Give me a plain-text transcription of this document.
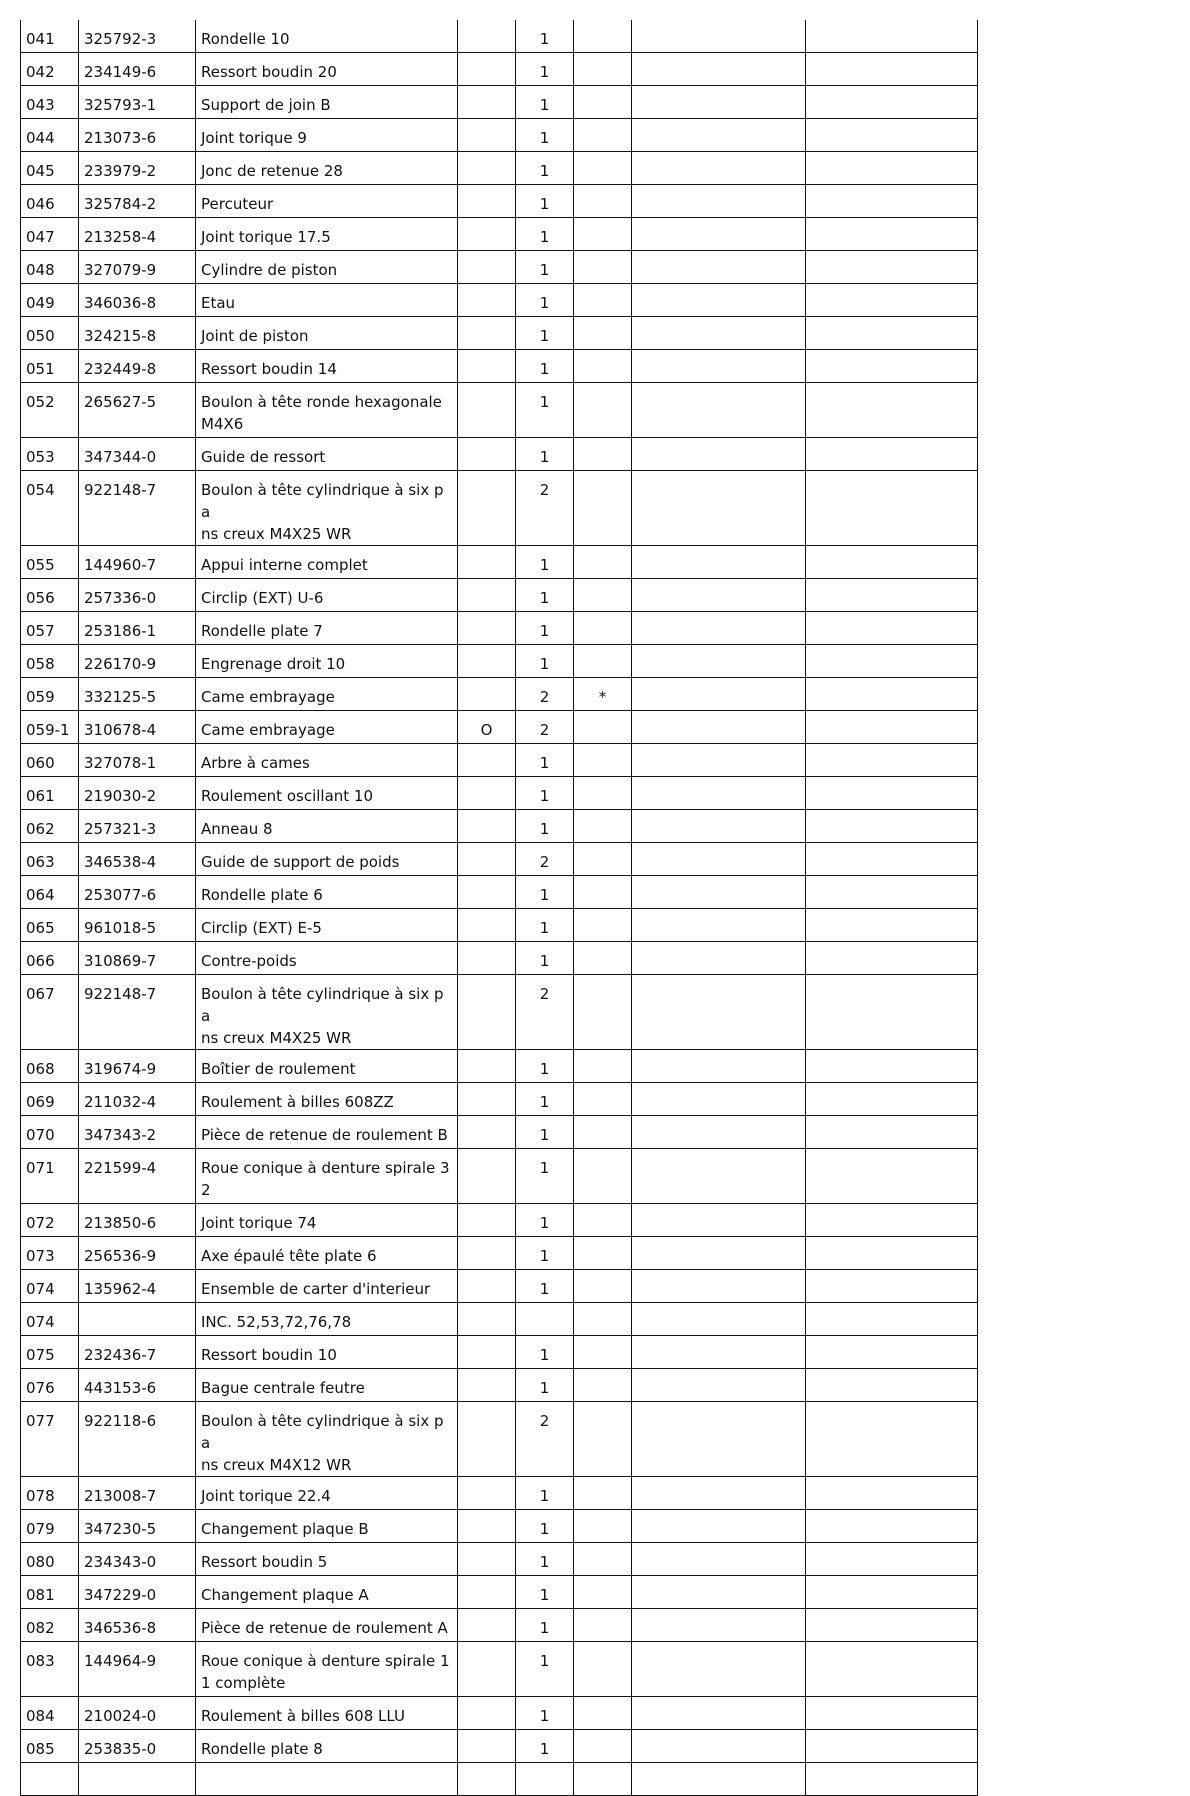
041	325792-3	Rondelle 10		1			
042	234149-6	Ressort boudin 20		1			
043	325793-1	Support de join B		1			
044	213073-6	Joint torique 9		1			
045	233979-2	Jonc de retenue 28		1			
046	325784-2	Percuteur		1			
047	213258-4	Joint torique 17.5		1			
048	327079-9	Cylindre de piston		1			
049	346036-8	Etau		1			
050	324215-8	Joint de piston		1			
051	232449-8	Ressort boudin 14		1			
052	265627-5	Boulon à tête ronde hexagonale
M4X6		1			
053	347344-0	Guide de ressort		1			
054	922148-7	Boulon à tête cylindrique à six pa
ns creux M4X25 WR		2			
055	144960-7	Appui interne complet		1			
056	257336-0	Circlip (EXT) U-6		1			
057	253186-1	Rondelle plate 7		1			
058	226170-9	Engrenage droit 10		1			
059	332125-5	Came embrayage		2	*		
059-1	310678-4	Came embrayage	O	2			
060	327078-1	Arbre à cames		1			
061	219030-2	Roulement oscillant 10		1			
062	257321-3	Anneau 8		1			
063	346538-4	Guide de support de poids		2			
064	253077-6	Rondelle plate 6		1			
065	961018-5	Circlip (EXT) E-5		1			
066	310869-7	Contre-poids		1			
067	922148-7	Boulon à tête cylindrique à six pa
ns creux M4X25 WR		2			
068	319674-9	Boîtier de roulement		1			
069	211032-4	Roulement à billes 608ZZ		1			
070	347343-2	Pièce de retenue de roulement B		1			
071	221599-4	Roue conique à denture spirale 3
2		1			
072	213850-6	Joint torique 74		1			
073	256536-9	Axe épaulé tête plate 6		1			
074	135962-4	Ensemble de carter d'interieur		1			
074		INC. 52,53,72,76,78					
075	232436-7	Ressort boudin 10		1			
076	443153-6	Bague centrale feutre		1			
077	922118-6	Boulon à tête cylindrique à six pa
ns creux M4X12 WR		2			
078	213008-7	Joint torique 22.4		1			
079	347230-5	Changement plaque B		1			
080	234343-0	Ressort boudin 5		1			
081	347229-0	Changement plaque A		1			
082	346536-8	Pièce de retenue de roulement A		1			
083	144964-9	Roue conique à denture spirale 1
1 complète		1			
084	210024-0	Roulement à billes 608 LLU		1			
085	253835-0	Rondelle plate 8		1			
